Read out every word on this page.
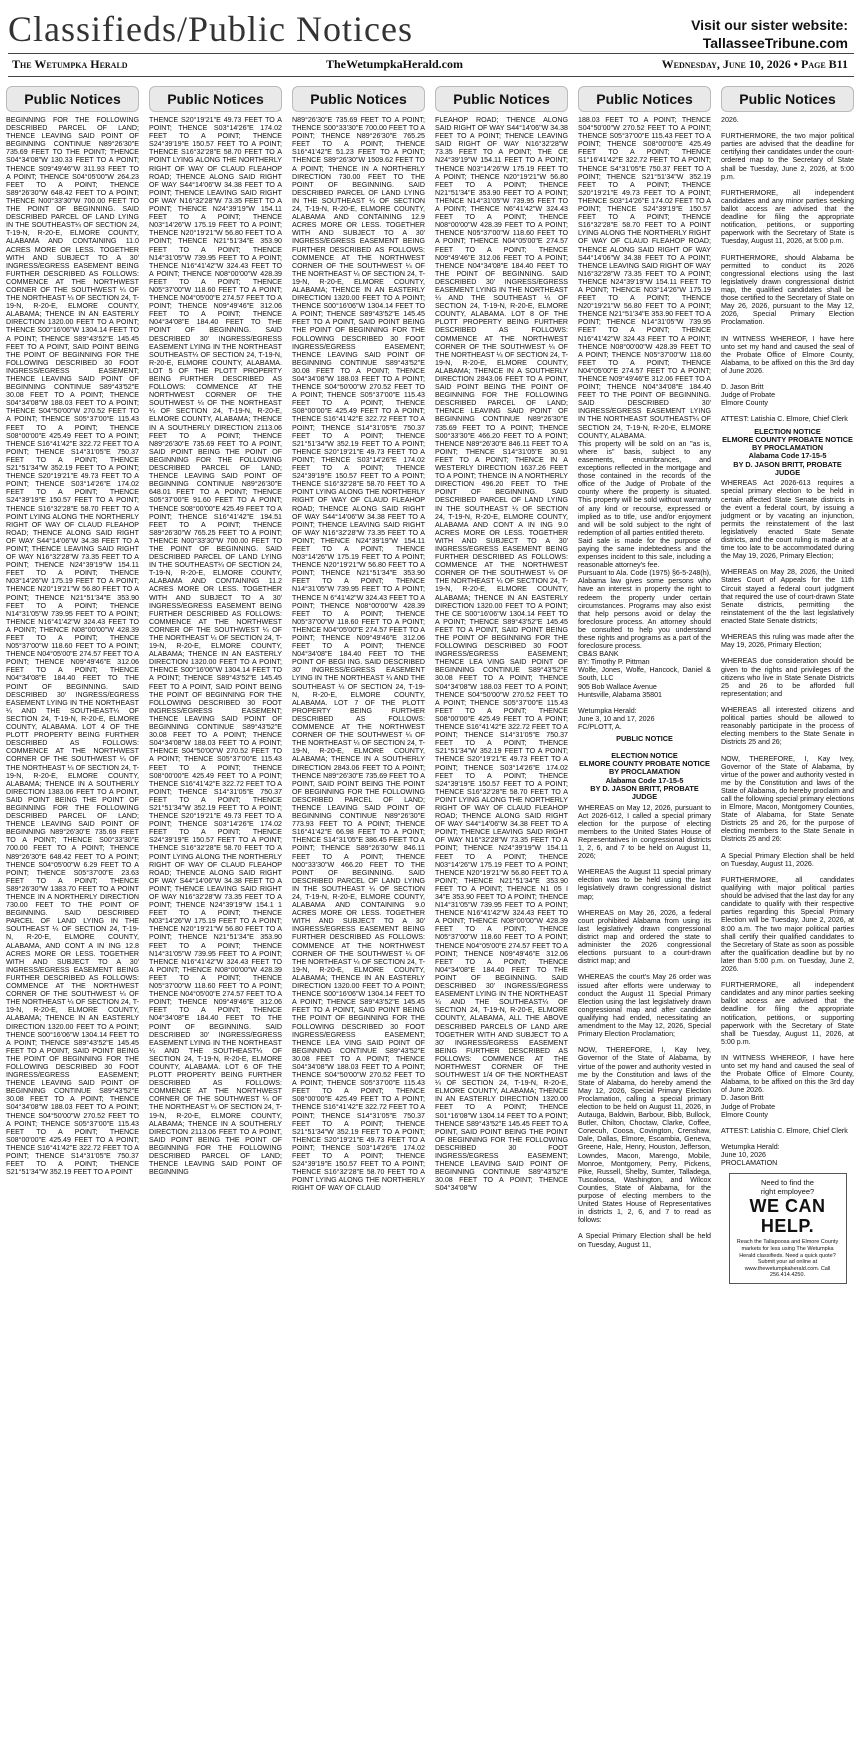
Classifieds/Public Notices	Visit our sister website:
TallasseeTribune.com
The Wetumpka Herald	TheWetumpkaHerald.com	Wednesday, June 10, 2026 • Page B11
Public Notices
BEGINNING FOR THE FOLLOWING DESCRIBED PARCEL OF LAND; THENCE LEAVING SAID POINT OF BEGINNING CONTINUE N89°26'30"E 735.69 FEET TO THE POINT; THENCE S04°34'08"W 130.33 FEET TO A POINT; THENCE S09°49'46"W 311.93 FEET TO A POINT; THENCE S04°05'00"W 264.23 FEET TO A POINT; THENCE S89°26'30"W 648.42 FEET TO A POINT; THENCE N00°33'30"W 700.00 FEET TO THE POINT OF BEGINNING. SAID DESCRIBED PARCEL OF LAND LYING IN THE SOUTHEAST¼ OF SECTION 24, T-19-N, R-20-E, ELMORE COUNTY, ALABAMA AND CONTAINING 11.0 ACRES MORE OR LESS. TOGETHER WITH AND SUBJECT TO A 30' INGRESS/EGRESS EASEMENT BEING FURTHER DESCRIBED AS FOLLOWS: COMMENCE AT THE NORTHWEST CORNER OF THE SOUTHWEST ¼ OF THE NORTHEAST ¼ OF SECTION 24, T-19-N, R-20-E, ELMORE COUNTY, ALABAMA; THENCE IN AN EASTERLY DIRECTION 1320.00 FEET TO A POINT; THENCE S00°16'06"W 1304.14 FEET TO A POINT; THENCE S89°43'52"E 145.45 FEET TO A POINT, SAID POINT BEING THE POINT OF BEGINNING FOR THE FOLLOWING DESCRIBED 30 FOOT INGRESS/EGRESS EASEMENT; THENCE LEAVING SAID POINT OF BEGINNING CONTINUE S89°43'52"E 30.08 FEET TO A POINT; THENCE S04°34'08"W 188.03 FEET TO A POINT; THENCE S04°50'00"W 270.52 FEET TO A POINT; THENCE S05°37'00"E 115.43 FEET TO A POINT; THENCE S08°00'00"E 425.49 FEET TO A POINT; THENCE S16°41'42"E 322.72 FEET TO A POINT; THENCE S14°31'05"E 750.37 FEET TO A POINT; THENCE S21°51'34"W 352.19 FEET TO A POINT; THENCE S20°19'21"E 49.73 FEET TO A POINT; THENCE S03°14'26"E 174.02 FEET TO A POINT; THENCE S24°39'19"E 150.57 FEET TO A POINT; THENCE S16°32'28"E 58.70 FEET TO A POINT LYING ALONG THE NORTHERLY RIGHT OF WAY OF CLAUD FLEAHOP ROAD; THENCE ALONG SAID RIGHT OF WAY S44°14'06"W 34.38 FEET TO A POINT; THENCE LEAVING SAID RIGHT OF WAY N16°32'28"W 73.35 FEET TO A POINT; THENCE N24°39'19"W 154.11 FEET TO A POINT; THENCE N03°14'26"W 175.19 FEET TO A POINT; THENCE N20°19'21"W 56.80 FEET TO A POINT; THENCE N21°51'34"E 353.90 FEET TO A POINT; THENCE N14°31'05"W 739.95 FEET TO A POINT; THENCE N16°41'42"W 324.43 FEET TO A POINT; THENCE N08°00'00"W 428.39 FEET TO A POINT; THENCE N05°37'00"W 118.60 FEET TO A POINT; THENCE N04°05'00"E 274.57 FEET TO A POINT; THENCE N09°49'46"E 312.06 FEET TO A POINT; THENCE N04°34'08"E 184.40 FEET TO THE POINT OF BEGINNING. SAID DESCRIBED 30' INGRESS/EGRESS EASEMENT LYING IN THE NORTHEAST ¼ AND THE SOUTHEAST¼ OF SECTION 24, T-19-N, R-20-E, ELMORE COUNTY, ALABAMA. LOT 4 OF THE PLOTT PROPERTY BEING FURTHER DESCRIBED AS FOLLOWS: COMMENCE AT THE NORTHWEST CORNER OF THE SOUTHWEST ¼ OF THE NORTHEAST ¼ OF SECTION 24, T-19-N, R-20-E, ELMORE COUNTY, ALABAMA; THENCE IN A SOUTHERLY DIRECTION 1383.06 FEET TO A POINT, SAID POINT BEING THE POINT OF BEGINNING FOR THE FOLLOWING DESCRIBED PARCEL OF LAND; THENCE LEAVING SAID POINT OF BEGINNING N89°26'30"E 735.69 FEET TO A POINT; THENCE S00°33'30"E 700.00 FEET TO A POINT; THENCE N89°26'30"E 648.42 FEET TO A POINT; THENCE S04°05'00"W 6.29 FEET TO A POINT; THENCE S05°37'00"E 23.63 FEET TO A POINT; THENCE S89°26'30"W 1383.70 FEET TO A POINT THENCE IN A NORTHERLY DIRECTION 730.00 FEET TO THE POINT OF BEGINNING. SAID DESCRIBED PARCEL OF LAND LYING IN THE SOUTHEAST ¼ OF SECTION 24, T-19-N, R-20-E, ELMORE COUNTY, ALABAMA, AND CONT A IN ING 12.8 ACRES MORE OR LESS. TOGETHER WITH AND SUBJECT TO A 30' INGRESS/EGRESS EASEMENT BEING FURTHER DESCRIBED AS FOLLOWS: COMMENCE AT THE NORTHWEST CORNER OF THE SOUTHWEST ¼ OF THE NORTHEAST ¼ OF SECTION 24, T-19-N, R-20-E, ELMORE COUNTY, ALABAMA; THENCE IN AN EASTERLY DIRECTION 1320.00 FEET TO A POINT; THENCE S00°16'06"W 1304.14 FEET TO A POINT; THENCE S89°43'52"E 145.45 FEET TO A POINT, SAID POINT BEING THE POINT OF BEGINNING FOR THE FOLLOWING DESCRIBED 30 FOOT INGRESS/EGRESS EASEMENT; THENCE LEAVING SAID POINT OF BEGINNING CONTINUE S89°43'52"E 30.08 FEET TO A POINT; THENCE S04°34'08"W 188.03 FEET TO A POINT; THENCE S04°50'00"W 270.52 FEET TO A POINT; THENCE S05°37'00"E 115.43 FEET TO A POINT; THENCE S08°00'00"E 425.49 FEET TO A POINT; THENCE S16°41'42"E 322.72 FEET TO A POINT; THENCE S14°31'05"E 750.37 FEET TO A POINT; THENCE S21°51'34"W 352.19 FEET TO A POINT
Public Notices
THENCE S20°19'21"E 49.73 FEET TO A POINT; THENCE S03°14'26"E 174.02 FEET TO A POINT; THENCE S24°39'19"E 150.57 FEET TO A POINT; THENCE S16°32'28"E 58.70 FEET TO A POINT LYING ALONG THE NORTHERLY RIGHT OF WAY OF CLAUD FLEAHOP ROAD; THENCE ALONG SAID RIGHT OF WAY S44°14'06"W 34.38 FEET TO A POINT; THENCE LEAVING SAID RIGHT OF WAY N16°32'28"W 73.35 FEET TO A POINT; THENCE N24°39'19"W 154.11 FEET TO A POINT; THENCE N03°14'26"W 175.19 FEET TO A POINT; THENCE N20°19'21"W 56.80 FEET TO A POINT; THENCE N21°51'34"E 353.90 FEET TO A POINT; THENCE N14°31'05"W 739.95 FEET TO A POINT; THENCE N16°41'42"W 324.43 FEET TO A POINT; THENCE N08°00'00"W 428.39 FEET TO A POINT; THENCE N05°37'00"W 118.60 FEET TO A POINT; THENCE N04°05'00"E 274.57 FEET TO A POINT; THENCE N09°49'46"E 312.06 FEET TO A POINT; THENCE N04°34'08"E 184.40 FEET TO THE POINT OF BEGINNING. SAID DESCRIBED 30' INGRESS/EGRESS EASEMENT LYING IN THE NORTHEAST SOUTHEAST¼ OF SECTION 24, T-19-N, R-20-E, ELMORE COUNTY, ALABAMA. LOT 5 OF THE PLOTT PROPERTY BEING FURTHER DESCRIBED AS FOLLOWS: COMMENCE AT THE NORTHWEST CORNER OF THE SOUTHWEST ¼ OF THE NORTHEAST ¼ OF SECTION 24, T-19-N, R-20-E, ELMORE COUNTY, ALABAMA; THENCE IN A SOUTHERLY DIRECTION 2113.06 FEET TO A POINT; THENCE N89°26'30"E 735.69 FEET TO A POINT, SAID POINT BEING THE POINT OF BEGINNING FOR THE FOLLOWING DESCRIBED PARCEL OF LAND; THENCE LEAVING SAID POINT OF BEGINNING CONTINUE N89°26'30"E 648.01 FEET TO A POINT; THENCE S05°37'00"E 91.60 FEET TO A POINT; THENCE S08°00'00"E 425.49 FEET TO A POINT; THENCE S16°41'42"E 194.51 FEET TO A POINT; THENCE S89°26'30"W 765.25 FEET TO A POINT; THENCE N00°33'30"W 700.00 FEET TO THE POINT OF BEGINNING. SAID DESCRIBED PARCEL OF LAND LYING IN THE SOUTHEAST¼ OF SECTION 24, T-19-N, R-20-E, ELMORE COUNTY, ALABAMA AND CONTAINING 11.2 ACRES MORE OR LESS. TOGETHER WITH AND SUBJECT TO A 30' INGRESS/EGRESS EASEMENT BEING FURTHER DESCRIBED AS FOLLOWS: COMMENCE AT THE NORTHWEST CORNER OF THE SOUTHWEST ¼ OF THE NORTHEAST ¼ OF SECTION 24, T-19-N, R-20-E, ELMORE COUNTY, ALABAMA; THENCE IN AN EASTERLY DIRECTION 1320.00 FEET TO A POINT; THENCE S00°16'06"W 1304.14 FEET TO A POINT; THENCE S89°43'52"E 145.45 FEET TO A POINT, SAID POINT BEING THE POINT OF BEGINNING FOR THE FOLLOWING DESCRIBED 30 FOOT INGRESS/EGRESS EASEMENT; THENCE LEAVING SAID POINT OF BEGINNING CONTINUE S89°43'52"E 30.08 FEET TO A POINT; THENCE S04°34'08"W 188.03 FEET TO A POINT; THENCE S04°50'00"W 270.52 FEET TO A POINT; THENCE S05°37'00"E 115.43 FEET TO A POINT; THENCE S08°00'00"E 425.49 FEET TO A POINT; THENCE S16°41'42"E 322.72 FEET TO A POINT; THENCE S14°31'05"E 750.37 FEET TO A POINT; THENCE S21°51'34"W 352.19 FEET TO A POINT; THENCE S20°19'21"E 49.73 FEET TO A POINT; THENCE S03°14'26"E 174.02 FEET TO A POINT; THENCE S24°39'19"E 150.57 FEET TO A POINT; THENCE S16°32'28"E 58.70 FEET TO A POINT LYING ALONG THE NORTHERLY RIGHT OF WAY OF CLAUD FLEAHOP ROAD; THENCE ALONG SAID RIGHT OF WAY S44°14'06"W 34.38 FEET TO A POINT; THENCE LEAVING SAID RIGHT OF WAY N16°32'28"W 73.35 FEET TO A POINT; THENCE N24°39'19"W 154.1 1 FEET TO A POINT; THENCE N03°14'26"W 175.19 FEET TO A POINT; THENCE N20°19'21"W 56.80 FEET TO A POINT; THENCE N21°51'34"E 353.90 FEET TO A POINT; THENCE N14°31'05"W 739.95 FEET TO A POINT; THENCE N16°41'42"W 324.43 FEET TO A POINT; THENCE N08°00'00"W 428.39 FEET TO A POINT; THENCE N05°37'00"W 118.60 FEET TO A POINT; THENCE N04°05'00"E 274.57 FEET TO A POINT; THENCE N09°49'46"E 312.06 FEET TO A POINT; THENCE N04°34'08"E 184.40 FEET TO THE POINT OF BEGINNING. SAID DESCRIBED 30' INGRESS/EGRESS EASEMENT LYING IN THE NORTHEAST ¼ AND THE SOUTHEAST¼ OF SECTION 24, T-19-N, R-20-E, ELMORE COUNTY, ALABAMA. LOT 6 OF THE PLOTT PROPERTY BEING FURTHER DESCRIBED AS FOLLOWS: COMMENCE AT THE NORTHWEST CORNER OF THE SOUTHWEST ¼ OF THE NORTHEAST ¼ OF SECTION 24, T-19-N, R-20-E, ELMORE COUNTY, ALABAMA; THENCE IN A SOUTHERLY DIRECTION 2113.06 FEET TO A POINT, SAID POINT BEING THE POINT OF BEGINNING FOR THE FOLLOWING DESCRIBED PARCEL OF LAND; THENCE LEAVING SAID POINT OF BEGINNING
Public Notices
N89°26'30"E 735.69 FEET TO A POINT; THENCE S00°33'30"E 700.00 FEET TO A POINT; THENCE N89°26'30"E 765.25 FEET TO A POINT; THENCE S16°41'42"E 51.23 FEET TO A POINT; THENCE S89°26'30"W 1509.62 FEET TO A POINT; THENCE IN A NORTHERLY DIRECTION 730.00 FEET TO THE POINT OF BEGINNING. SAID DESCRIBED PARCEL OF LAND LYING IN THE SOUTHEAST ¼ OF SECTION 24, T-19-N, R-20-E, ELMORE COUNTY, ALABAMA AND CONTAINING 12.9 ACRES MORE OR LESS. TOGETHER WITH AND SUBJECT TO A 30' INGRESS/EGRESS EASEMENT BEING FURTHER DESCRIBED AS FOLLOWS: COMMENCE AT THE NORTHWEST CORNER OF THE SOUTHWEST ¼ OF THE NORTHEAST ¼ OF SECTION 24, T-19-N, R-20-E, ELMORE COUNTY, ALABAMA; THENCE IN AN EASTERLY DIRECTION 1320.00 FEET TO A POINT; THENCE S00°16'06"W 1304.14 FEET TO A POINT; THENCE S89°43'52"E 145.45 FEET TO A POINT, SAID POINT BEING THE POINT OF BEGINNING FOR THE FOLLOWING DESCRIBED 30 FOOT INGRESS/EGRESS EASEMENT; THENCE LEAVING SAID POINT OF BEGINNING CONTINUE S89°43'52"E 30.08 FEET TO A POINT; THENCE S04°34'08"W 188.03 FEET TO A POINT; THENCE S04°50'00"W 270.52 FEET TO A POINT; THENCE S05°37'00"E 115.43 FEET TO A POINT; THENCE S08°00'00"E 425.49 FEET TO A POINT; THENCE S16°41'42"E 322.72 FEET TO A POINT; THENCE S14°31'05"E 750.37 FEET TO A POINT; THENCE S21°51'34"W 352.19 FEET TO A POINT; THENCE S20°19'21"E 49.73 FEET TO A POINT; THENCE S03°14'26"E 174.02 FEET TO A POINT; THENCE S24°39'19"E 150.57 FEET TO A POINT; THENCE S16°32'28"E 58.70 FEET TO A POINT LYING ALONG THE NORTHERLY RIGHT OF WAY OF CLAUD FLEAHOP ROAD; THENCE ALONG SAID RIGHT OF WAY S44°14'06"W 34.38 FEET TO A POINT; THENCE LEAVING SAID RIGHT OF WAY N16°32'28"W 73.35 FEET TO A POINT; THENCE N24°39'19"W 154.11 FEET TO A POINT; THENCE N03°14'26"W 175.19 FEET TO A POINT; THENCE N20°19'21"W 56.80 FEET TO A POINT; THENCE N21°51'34"E 353.90 FEET TO A POINT; THENCE N14°31'05"W 739.95 FEET TO A POINT; THENCE N 6°41'42"W 324.43 FEET TO A POINT; THENCE N08°00'00"W 428.39 FEET TO A POINT; THENCE N05°37'00"W 118.60 FEET TO A POINT; THENCE N04°05'00"E 274.57 FEET TO A POINT; THENCE N09°49'46"E 312.06 FEET TO A POINT; THENCE N04°34'08"E 184.40 FEET TO THE POINT OF BEGI ING. SAID DESCRIBED 30' INGRESS/EGRESS EASEMENT LYING IN THE NORTHEAST ¼ AND THE SOUTHEAST ¼ OF SECTION 24, T-19-N, R-20-E, ELMORE COUNTY, ALABAMA. LOT 7 OF THE PLOTT PROPERTY BEING FURTHER DESCRIBED AS FOLLOWS: COMMENCE AT THE NORTHWEST CORNER OF THE SOUTHWEST ¼ OF THE NORTHEAST ¼ OF SECTION 24, T-19-N, R-20-E, ELMORE COUNTY, ALABAMA; THENCE IN A SOUTHERLY DIRECTION 2843.06 FEET TO A POINT; THENCE N89°26'30"E 735.69 FEET TO A POINT, SAID POINT BEING THE POINT OF BEGINNING FOR THE FOLLOWING DESCRIBED PARCEL OF LAND; THENCE LEAVING SAID POINT OF BEGINNING CONTINUE N89°26'30"E 773.93 FEET TO A POINT; THENCE S16°41'42"E 66.98 FEET TO A POINT; THENCE S14°31'05"E 386.45 FEET TO A POINT; THENCE S89°26'30"W 846.11 FEET TO A POINT; THENCE N00°33'30"W 466.20 FEET TO THE POINT OF BEGINNING. SAID DESCRIBED PARCEL OF LAND LYING IN THE SOUTHEAST ¼ OF SECTION 24, T-19-N, R-20-E, ELMORE COUNTY, ALABAMA AND CONTAINING 9.0 ACRES MORE OR LESS. TOGETHER WITH AND SUBJECT TO A 30' INGRESS/EGRESS EASEMENT BEING FURTHER DESCRIBED AS FOLLOWS: COMMENCE AT THE NORTHWEST CORNER OF THE SOUTHWEST ¼ OF THE NORTHEAST ¼ OF SECTION 24, T-19-N, R-20-E, ELMORE COUNTY, ALABAMA; THENCE IN AN EASTERLY DIRECTION 1320.00 FEET TO A POINT; THENCE S00°16'06"W 1304.14 FEET TO A POINT; THENCE S89°43'52"E 145.45 FEET TO A POINT, SAID POINT BEING THE POINT OF BEGINNING FOR THE FOLLOWING DESCRIBED 30 FOOT INGRESS/EGRESS EASEMENT; THENCE LEA VING SAID POINT OF BEGINNING CONTINUE S89°43'52"E 30.08 FEET TO A POINT; THENCE S04°34'08"W 188.03 FEET TO A POINT; THENCE S04°50'00"W 270.52 FEET TO A POINT; THENCE S05°37'00"E 115.43 FEET TO A POINT; THENCE S08°00'00"E 425.49 FEET TO A POINT; THENCE S16°41'42"E 322.72 FEET TO A POINT; THENCE S14°31'05"E 750.37 FEET TO A POINT; THENCE S21°51'34"W 352.19 FEET TO A POINT; THENCE S20°19'21"E 49.73 FEET TO A POINT; THENCE S03°14'26"E 174.02 FEET TO A POINT; THENCE S24°39'19"E 150.57 FEET TO A POINT; THENCE S16°32'28"E 58.70 FEET TO A POINT LYING ALONG THE NORTHERLY RIGHT OF WAY OF CLAUD
Public Notices
FLEAHOP ROAD; THENCE ALONG SAID RIGHT OF WAY S44°14'06"W 34.38 FEET TO A POINT; THENCE LEAVING SAID RIGHT OF WAY N16°32'28"W 73.35 FEET TO A POINT; THE CE N24°39'19"W 154.11 FEET TO A POINT; THENCE N03°14'26"W 175.19 FEET TO A POINT; THENCE N20°19'21"W 56.80 FEET TO A POINT; THENCE N21°51'34"E 353.90 FEET TO A POINT; THENCE N14°31'05"W 739.95 FEET TO A POINT; THENCE N6°41'42"W 324.43 FEET TO A POINT; THENCE N08°00'00"W 428.39 FEET TO A POINT; THENCE N05°37'00"W 118.60 FEET TO A POINT; THENCE N04°05'00"E 274.57 FEET TO A POINT; THENCE N09°49'46"E 312.06 FEET TO A POINT; THENCE N04°34'08"E 184.40 FEET TO THE POINT OF BEGINNING. SAID DESCRIBED 30' INGRESS/EGRESS EASEMENT LYING IN THE NORTHEAST ¼ AND THE SOUTHEAST ¼ OF SECTION 24, T-19-N, R-20-E, ELMORE COUNTY, ALABAMA. LOT 8 OF THE PLOTT PROPERTY BEING FURTHER DESCRIBED AS FOLLOWS: COMMENCE AT THE NORTHWEST CORNER OF THE SOUTHWEST ¼ OF THE NORTHEAST ¼ OF SECTION 24, T-19-N, R-20-E, ELMORE COUNTY, ALABAMA; THENCE IN A SOUTHERLY DIRECTION 2843.06 FEET TO A POINT, SAID POINT BEING THE POINT OF BEGINNING FOR THE FOLLOWING DESCRIBED PARCEL OF LAND; THENCE LEAVING SAID POINT OF BEGINNING CONTINUE N89°26'30"E 735.69 FEET TO A POINT; THENCE S00°33'30"E 466.20 FEET TO A POINT; THENCE N89°26'30"E 846.11 FEET TO A POINT; THENCE S14°31'05"E 30.91 FEET TO A POINT; THENCE IN A WESTERLY DIRECTION 1637.26 FEET TO A POINT; THENCE IN A NORTHERLY DIRECTION 496.20 FEET TO THE POINT OF BEGINNING. SAID DESCRIBED PARCEL OF LAND LYING IN THE SOUTHEAST ¼ OF SECTION 24, T-19-N, R-20-E, ELMORE COUNTY, ALABAMA AND CONT A IN ING 9.0 ACRES MORE OR LESS. TOGETHER WITH AND SUBJECT TO A 30' INGRESS/EGRESS EASEMENT BEING FURTHER DESCRIBED AS FOLLOWS: COMMENCE AT THE NORTHWEST CORNER OF THE SOUTHWEST ¼ OF THE NORTHEAST ¼ OF SECTION 24, T-19-N, R-20-E, ELMORE COUNTY, ALABAMA; THENCE IN AN EASTERLY DIRECTION 1320.00 FEET TO A POINT; THE CE S00°16'06"W 1304.14 FEET TO A POINT; THENCE S89°43'52"E 145.45 FEET TO A POINT, SAID POINT BEING THE POINT OF BEGINNING FOR THE FOLLOWING DESCRIBED 30 FOOT INGRESS/EGRESS EASEMENT; THENCE LEA VING SAID POINT OF BEGINNING CONTINUE S89°43'52"E 30.08 FEET TO A POINT; THENCE S04°34'08"W 188.03 FEET TO A POINT; THENCE S04°50'00"W 270.52 FEET TO A POINT; THENCE S05°37'00"E 115.43 FEET TO A POINT; THENCE S08°00'00"E 425.49 FEET TO A POINT; THENCE S16°41'42"E 322.72 FEET TO A POINT; THENCE S14°31'05"E 750.37 FEET TO A POINT; THENCE S21°51'34"W 352.19 FEET TO A POINT; THENCE S20°19'21"E 49.73 FEET TO A POINT; THENCE S03°14'26"E 174.02 FEET TO A POINT; THENCE S24°39'19"E 150.57 FEET TO A POINT; THENCE S16°32'28"E 58.70 FEET TO A POINT LYING ALONG THE NORTHERLY RIGHT OF WAY OF CLAUD FLEAHOP ROAD; THENCE ALONG SAID RIGHT OF WAY S44°14'06"W 34.38 FEET TO A POINT; THENCE LEAVING SAID RIGHT OF WAY N16°32'28"W 73.35 FEET TO A POINT; THENCE N24°39'19"W 154.11 FEET TO A POINT; THENCE N03°14'26"W 175.19 FEET TO A POINT; THENCE N20°19'21"W 56.80 FEET TO A POINT; THENCE N21°51'34"E 353.90 FEET TO A POINT; THENCE N1 05 I 34"E 353.90 FEET TO A POINT; THENCE N14°31'05"W 739.95 FEET TO A POINT; THENCE N16°41'42"W 324.43 FEET TO A POINT; THENCE N08°00'00"W 428.39 FEET TO A POINT; THENCE N05°37'00"W 118.60 FEET TO A POINT; THENCE N04°05'00"E 274.57 FEET TO A POINT; THENCE N09°49'46"E 312.06 FEET TO A POINT; THENCE N04°34'08"E 184.40 FEET TO THE POINT OF BEGINNING. SAID DESCRIBED 30' INGRESS/EGRESS EASEMENT LYING IN THE NORTHEAST ¼ AND THE SOUTHEAST¼ OF SECTION 24, T-19-N, R-20-E, ELMORE COUNTY, ALABAMA, ALL THE ABOVE DESCRIBED PARCELS OF LAND ARE TOGETHER WITH AND SUBJECT TO A 30' INGRESS/EGRESS EASEMENT BEING FURTHER DESCRIBED AS FOLLOWS: COMMENCE AT THE NORTHWEST CORNER OF THE SOUTHWEST 1/4 OF THE NORTHEAST ¼ OF SECTION 24, T-19-N, R-20-E, ELMORE COUNTY, ALABAMA; THENCE IN AN EASTERLY DIRECTION 1320.00 FEET TO A POINT; THENCE S01°16'08"W 1304.14 FEET TO A POINT; THENCE S89°43'52"E 145.45 FEET TO A POINT, SAID POINT BEING THE POINT OF BEGINNING FOR THE FOLLOWING DESCRIBED 30 FOOT INGRESS/EGRESS EASEMENT; THENCE LEAVING SAID POINT OF BEGINNING CONTINUE S89°43'52"E 30.08 FEET TO A POINT; THENCE S04°34'08"W
Public Notices
188.03 FEET TO A POINT; THENCE S04°50'00"W 270.52 FEET TO A POINT; THENCE S05°37'00"E 115.43 FEET TO A POINT; THENCE S08°00'00"E 425.49 FEET TO A POINT; THENCE S1°16'41'42"E 322.72 FEET TO A POINT; THENCE S4°31'05"E 750.37 FEET TO A POINT; THENCE S21°51'34"W 352.19 FEET TO A POINT; THENCE S20°19'21"E 49.73 FEET TO A POINT; THENCE S03°14'26"E 174.02 FEET TO A POINT; THENCE S24°39'19"E 150.57 FEET TO A POINT; THENCE S16°32'28"E 58.70 FEET TO A POINT LYING ALONG THE NORTHERLY RIGHT OF WAY OF CLAUD FLEAHOP ROAD; THENCE ALONG SAID RIGHT OF WAY S44°14'06"W 34.38 FEET TO A POINT; THENCE LEAVING SAID RIGHT OF WAY N16°32'28"W 73.35 FEET TO A POINT; THENCE N24°39'19"W 154.11 FEET TO A POINT; THENCE N03°14'26"W 175.19 FEET TO A POINT; THENCE N20°19'21"W 56.80 FEET TO A POINT; THENCE N21°51'34"E 353.90 FEET TO A POINT; THENCE N14°31'05"W 739.95 FEET TO A POINT; THENCE N16°41'42"W 324.43 FEET TO A POINT; THENCE N08°00'00"W 428.39 FEET TO A POINT; THENCE N05°37'00"W 118.60 FEET TO A POINT; THENCE N04°05'00"E 274.57 FEET TO A POINT; THENCE N09°49'46"E 312.06 FEET TO A POINT; THENCE N04°34'08"E 184.40 FEET TO THE POINT OF BEGINNING. SAID DESCRIBED 30' INGRESS/EGRESS EASEMENT LYING IN THE NORTHEAST SOUTHEAST¼ OF SECTION 24, T-19-N, R-20-E, ELMORE COUNTY, ALABAMA.
This property will be sold on an "as is, where is" basis, subject to any easements, encumbrances, and exceptions reflected in the mortgage and those contained in the records of the office of the Judge of Probate of the county where the property is situated. This property will be sold without warranty of any kind or recourse, expressed or implied as to title, use and/or enjoyment and will be sold subject to the right of redemption of all parties entitled thereto.
Said sale is made for the purpose of paying the same indebtedness and the expenses incident to this sale, including a reasonable attorney's fee.
Pursuant to Ala. Code (1975) §6-5-248(h), Alabama law gives some persons who have an interest in property the right to redeem the property under certain circumstances. Programs may also exist that help persons avoid or delay the foreclosure process. An attorney should be consulted to help you understand these rights and programs as a part of the foreclosure process.
CB&S BANK
BY: Timothy P. Pittman
Wolfe, Jones, Wolfe, Hancock, Daniel & South, LLC
905 Bob Wallace Avenue
Huntsville, Alabama 35801

Wetumpka Herald:
June 3, 10 and 17, 2026
FC/PLOTT, A.
PUBLIC NOTICE

ELECTION NOTICE
ELMORE COUNTY PROBATE NOTICE BY PROCLAMATION
Alabama Code 17-15-5
BY D. JASON BRITT, PROBATE JUDGE
WHEREAS on May 12, 2026, pursuant to Act 2026-612, I called a special primary election for the purpose of electing members to the United States House of Representatives in congressional districts 1, 2, 6, and 7 to be held on August 11, 2026;

WHEREAS the August 11 special primary election was to be held using the last legislatively drawn congressional district map;

WHEREAS on May 26, 2026, a federal court prohibited Alabama from using its last legislatively drawn congressional district map and ordered the state to administer the 2026 congressional elections pursuant to a court-drawn district map; and

WHEREAS the court's May 26 order was issued after efforts were underway to conduct the August 11 Special Primary Election using the last legislatively drawn congressional map and after candidate qualifying had ended, necessitating an amendment to the May 12, 2026, Special Primary Election Proclamation;

NOW, THEREFORE, I, Kay Ivey, Governor of the State of Alabama, by virtue of the power and authority vested in me by the Constitution and laws of the State of Alabama, do hereby amend the May 12, 2026, Special Primary Election Proclamation, calling a special primary election to be held on August 11, 2026, in Autauga, Baldwin, Barbour, Bibb, Bullock, Butler, Chilton, Choctaw, Clarke, Coffee, Conecuh, Coosa, Covington, Crenshaw, Dale, Dallas, Elmore, Escambia, Geneva, Greene, Hale, Henry, Houston, Jefferson, Lowndes, Macon, Marengo, Mobile, Monroe, Montgomery, Perry, Pickens, Pike, Russell, Shelby, Sumter, Talladega, Tuscaloosa, Washington, and Wilcox Counties, State of Alabama, for the purpose of electing members to the United States House of Representatives in districts 1, 2, 6, and 7 to read as follows:

A Special Primary Election shall be held on Tuesday, August 11,
Public Notices
2026.

FURTHERMORE, the two major political parties are advised that the deadline for certifying their candidates under the court-ordered map to the Secretary of State shall be Tuesday, June 2, 2026, at 5:00 p.m.

FURTHERMORE, all independent candidates and any minor parties seeking ballot access are advised that the deadline for filing the appropriate notification, petitions, or supporting paperwork with the Secretary of State is Tuesday, August 11, 2026, at 5:00 p.m.

FURTHERMORE, should Alabama be permitted to conduct its 2026 congressional elections using the last legislatively drawn congressional district map, the qualified candidates shall be those certified to the Secretary of State on May 26, 2026, pursuant to the May 12, 2026, Special Primary Election Proclamation.

IN WITNESS WHEREOF, I have here unto set my hand and caused the seal of the Probate Office of Elmore County, Alabama, to be affixed on this the 3rd day of June 2026.

D. Jason Britt
Judge of Probate
Elmore County

ATTEST: Latishia C. Elmore, Chief Clerk
ELECTION NOTICE
ELMORE COUNTY PROBATE NOTICE BY PROCLAMATION
Alabama Code 17-15-5
BY D. JASON BRITT, PROBATE JUDGE
WHEREAS Act 2026-613 requires a special primary election to be held in certain affected State Senate districts in the event a federal court, by issuing a judgment or by vacating an injunction, permits the reinstatement of the last legislatively enacted State Senate districts, and the court ruling is made at a time too late to be accommodated during the May 19, 2026, Primary Election;

WHEREAS on May 28, 2026, the United States Court of Appeals for the 11th Circuit stayed a federal court judgment that required the use of court-drawn State Senate districts, permitting the reinstatement of the the last legislatively enacted State Senate districts;

WHEREAS this ruling was made after the May 19, 2026, Primary Election;

WHEREAS due consideration should be given to the rights and privileges of the citizens who live in State Senate Districts 25 and 26 to be afforded full representation; and

WHEREAS all interested citizens and political parties should be allowed to reasonably participate in the process of electing members to the State Senate in Districts 25 and 26;

NOW, THEREFORE, I, Kay Ivey, Governor of the State of Alabama, by virtue of the power and authority vested in me by the Constitution and laws of the State of Alabama, do hereby proclaim and call the following special primary elections in Elmore, Macon, Montgomery Counties, State of Alabama, for State Senate Districts 25 and 26, for the purpose of electing members to the State Senate in Districts 25 and 26:

A Special Primary Election shall be held on Tuesday, August 11, 2026.

FURTHERMORE, all candidates qualifying with major political parties should be advised that the last day for any candidate to qualify with their respective parties regarding this Special Primary Election will be Tuesday, June 2, 2026, at 8:00 a.m. The two major political parties shall certify their qualified candidates to the Secretary of State as soon as possible after the qualification deadline but by no later than 5:00 p.m. on Tuesday, June 2, 2026.

FURTHERMORE, all independent candidates and any minor parties seeking ballot access are advised that the deadline for filing the appropriate notification, petitions, or supporting paperwork with the Secretary of State shall be Tuesday, August 11, 2026, at 5:00 p.m.

IN WITNESS WHEREOF, I have here unto set my hand and caused the seal of the Probate Office of Elmore County, Alabama, to be affixed on this the 3rd day of June 2026.
D. Jason Britt
Judge of Probate
Elmore County

ATTEST: Latishia C. Elmore, Chief Clerk

Wetumpka Herald:
June 10, 2026
PROCLAMATION
Need to find the
right employee?
WE CAN
HELP.
Reach the Tallapoosa and Elmore County markets for less using The Wetumpka Herald classifieds. Need a quick quote? Submit your ad online at www.thewetumpkaherald.com. Call 256.414.4250.
